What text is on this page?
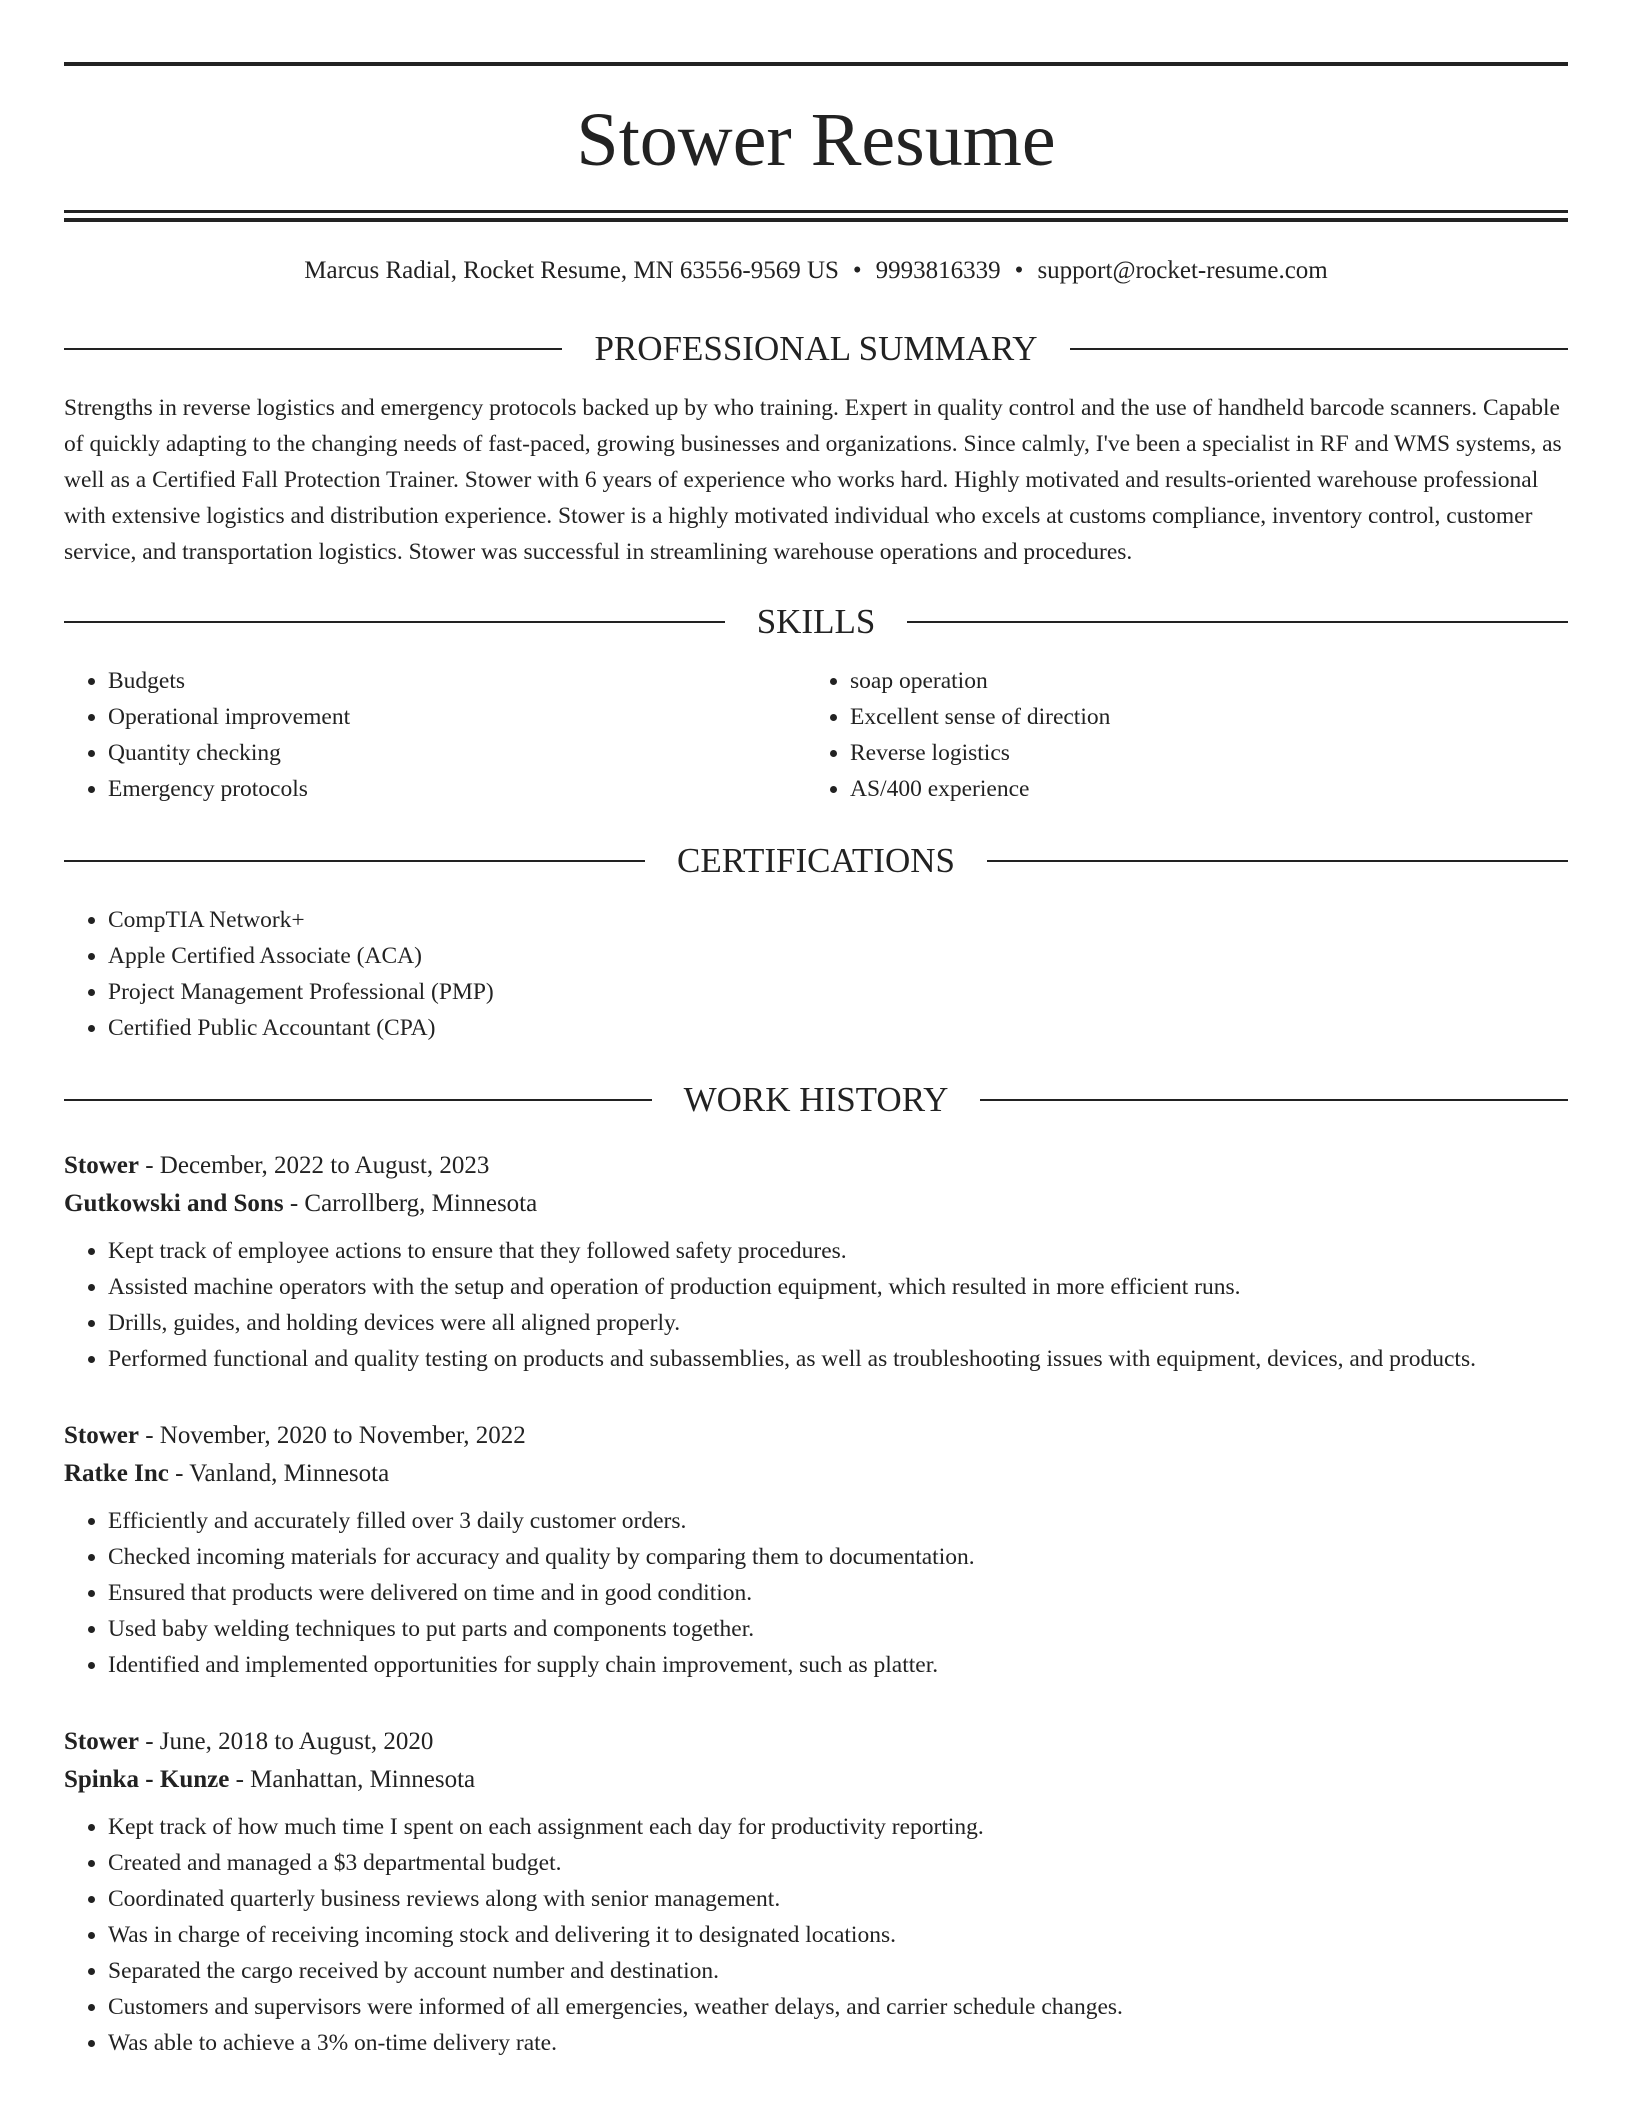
Stower Resume
Marcus Radial, Rocket Resume, MN 63556-9569 US • 9993816339 • support@rocket-resume.com
PROFESSIONAL SUMMARY
Strengths in reverse logistics and emergency protocols backed up by who training. Expert in quality control and the use of handheld barcode scanners. Capable of quickly adapting to the changing needs of fast-paced, growing businesses and organizations. Since calmly, I've been a specialist in RF and WMS systems, as well as a Certified Fall Protection Trainer. Stower with 6 years of experience who works hard. Highly motivated and results-oriented warehouse professional with extensive logistics and distribution experience. Stower is a highly motivated individual who excels at customs compliance, inventory control, customer service, and transportation logistics. Stower was successful in streamlining warehouse operations and procedures.
SKILLS
• Budgets
• Operational improvement
• Quantity checking
• Emergency protocols
• soap operation
• Excellent sense of direction
• Reverse logistics
• AS/400 experience
CERTIFICATIONS
• CompTIA Network+
• Apple Certified Associate (ACA)
• Project Management Professional (PMP)
• Certified Public Accountant (CPA)
WORK HISTORY
Stower - December, 2022 to August, 2023
Gutkowski and Sons - Carrollberg, Minnesota
• Kept track of employee actions to ensure that they followed safety procedures.
• Assisted machine operators with the setup and operation of production equipment, which resulted in more efficient runs.
• Drills, guides, and holding devices were all aligned properly.
• Performed functional and quality testing on products and subassemblies, as well as troubleshooting issues with equipment, devices, and products.
Stower - November, 2020 to November, 2022
Ratke Inc - Vanland, Minnesota
• Efficiently and accurately filled over 3 daily customer orders.
• Checked incoming materials for accuracy and quality by comparing them to documentation.
• Ensured that products were delivered on time and in good condition.
• Used baby welding techniques to put parts and components together.
• Identified and implemented opportunities for supply chain improvement, such as platter.
Stower - June, 2018 to August, 2020
Spinka - Kunze - Manhattan, Minnesota
• Kept track of how much time I spent on each assignment each day for productivity reporting.
• Created and managed a $3 departmental budget.
• Coordinated quarterly business reviews along with senior management.
• Was in charge of receiving incoming stock and delivering it to designated locations.
• Separated the cargo received by account number and destination.
• Customers and supervisors were informed of all emergencies, weather delays, and carrier schedule changes.
• Was able to achieve a 3% on-time delivery rate.
